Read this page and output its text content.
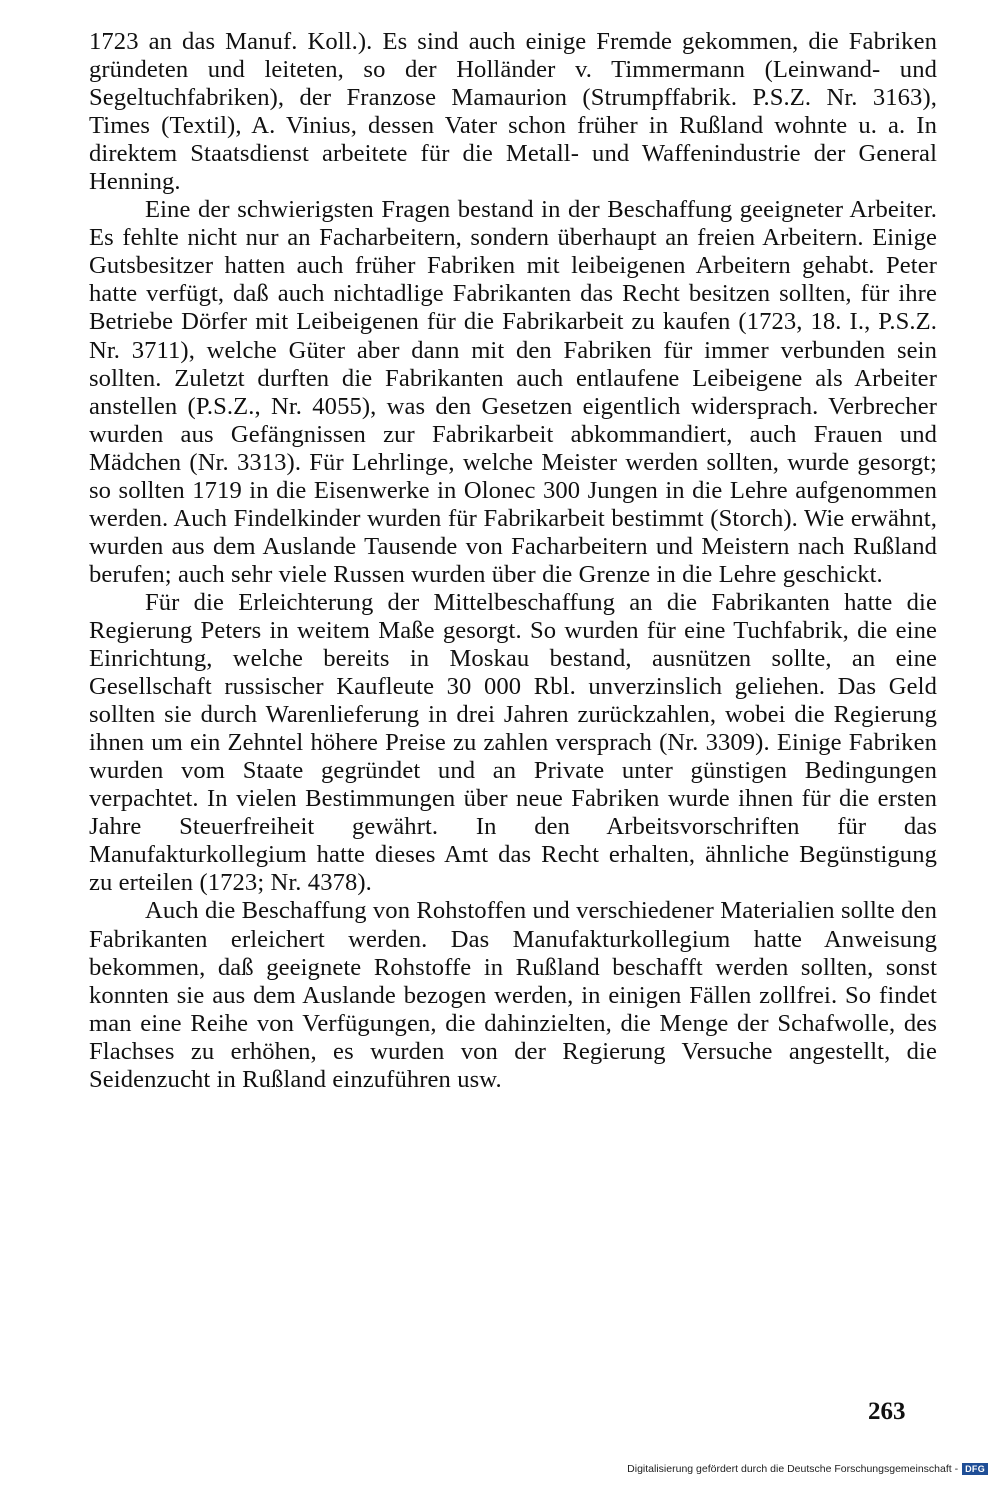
1723 an das Manuf. Koll.). Es sind auch einige Fremde gekommen, die Fabriken gründeten und leiteten, so der Holländer v. Timmermann (Leinwand- und Segeltuchfabriken), der Franzose Mamaurion (Strumpffabrik. P.S.Z. Nr. 3163), Times (Textil), A. Vinius, dessen Vater schon früher in Rußland wohnte u. a. In direktem Staatsdienst arbeitete für die Metall- und Waffenindustrie der General Henning.

Eine der schwierigsten Fragen bestand in der Beschaffung geeigneter Arbeiter. Es fehlte nicht nur an Facharbeitern, sondern überhaupt an freien Arbeitern. Einige Gutsbesitzer hatten auch früher Fabriken mit leibeigenen Arbeitern gehabt. Peter hatte verfügt, daß auch nichtadlige Fabrikanten das Recht besitzen sollten, für ihre Betriebe Dörfer mit Leibeigenen für die Fabrikarbeit zu kaufen (1723, 18. I., P.S.Z. Nr. 3711), welche Güter aber dann mit den Fabriken für immer verbunden sein sollten. Zuletzt durften die Fabrikanten auch entlaufene Leibeigene als Arbeiter anstellen (P.S.Z., Nr. 4055), was den Gesetzen eigentlich widersprach. Verbrecher wurden aus Gefängnissen zur Fabrikarbeit abkommandiert, auch Frauen und Mädchen (Nr. 3313). Für Lehrlinge, welche Meister werden sollten, wurde gesorgt; so sollten 1719 in die Eisenwerke in Olonec 300 Jungen in die Lehre aufgenommen werden. Auch Findelkinder wurden für Fabrikarbeit bestimmt (Storch). Wie erwähnt, wurden aus dem Auslande Tausende von Facharbeitern und Meistern nach Rußland berufen; auch sehr viele Russen wurden über die Grenze in die Lehre geschickt.

Für die Erleichterung der Mittelbeschaffung an die Fabrikanten hatte die Regierung Peters in weitem Maße gesorgt. So wurden für eine Tuchfabrik, die eine Einrichtung, welche bereits in Moskau bestand, ausnützen sollte, an eine Gesellschaft russischer Kaufleute 30 000 Rbl. unverzinslich geliehen. Das Geld sollten sie durch Warenlieferung in drei Jahren zurückzahlen, wobei die Regierung ihnen um ein Zehntel höhere Preise zu zahlen versprach (Nr. 3309). Einige Fabriken wurden vom Staate gegründet und an Private unter günstigen Bedingungen verpachtet. In vielen Bestimmungen über neue Fabriken wurde ihnen für die ersten Jahre Steuerfreiheit gewährt. In den Arbeitsvorschriften für das Manufakturkollegium hatte dieses Amt das Recht erhalten, ähnliche Begünstigung zu erteilen (1723; Nr. 4378).

Auch die Beschaffung von Rohstoffen und verschiedener Materialien sollte den Fabrikanten erleichert werden. Das Manufakturkollegium hatte Anweisung bekommen, daß geeignete Rohstoffe in Rußland beschafft werden sollten, sonst konnten sie aus dem Auslande bezogen werden, in einigen Fällen zollfrei. So findet man eine Reihe von Verfügungen, die dahinzielten, die Menge der Schafwolle, des Flachses zu erhöhen, es wurden von der Regierung Versuche angestellt, die Seidenzucht in Rußland einzuführen usw.

263
Digitalisierung gefördert durch die Deutsche Forschungsgemeinschaft - DFG
